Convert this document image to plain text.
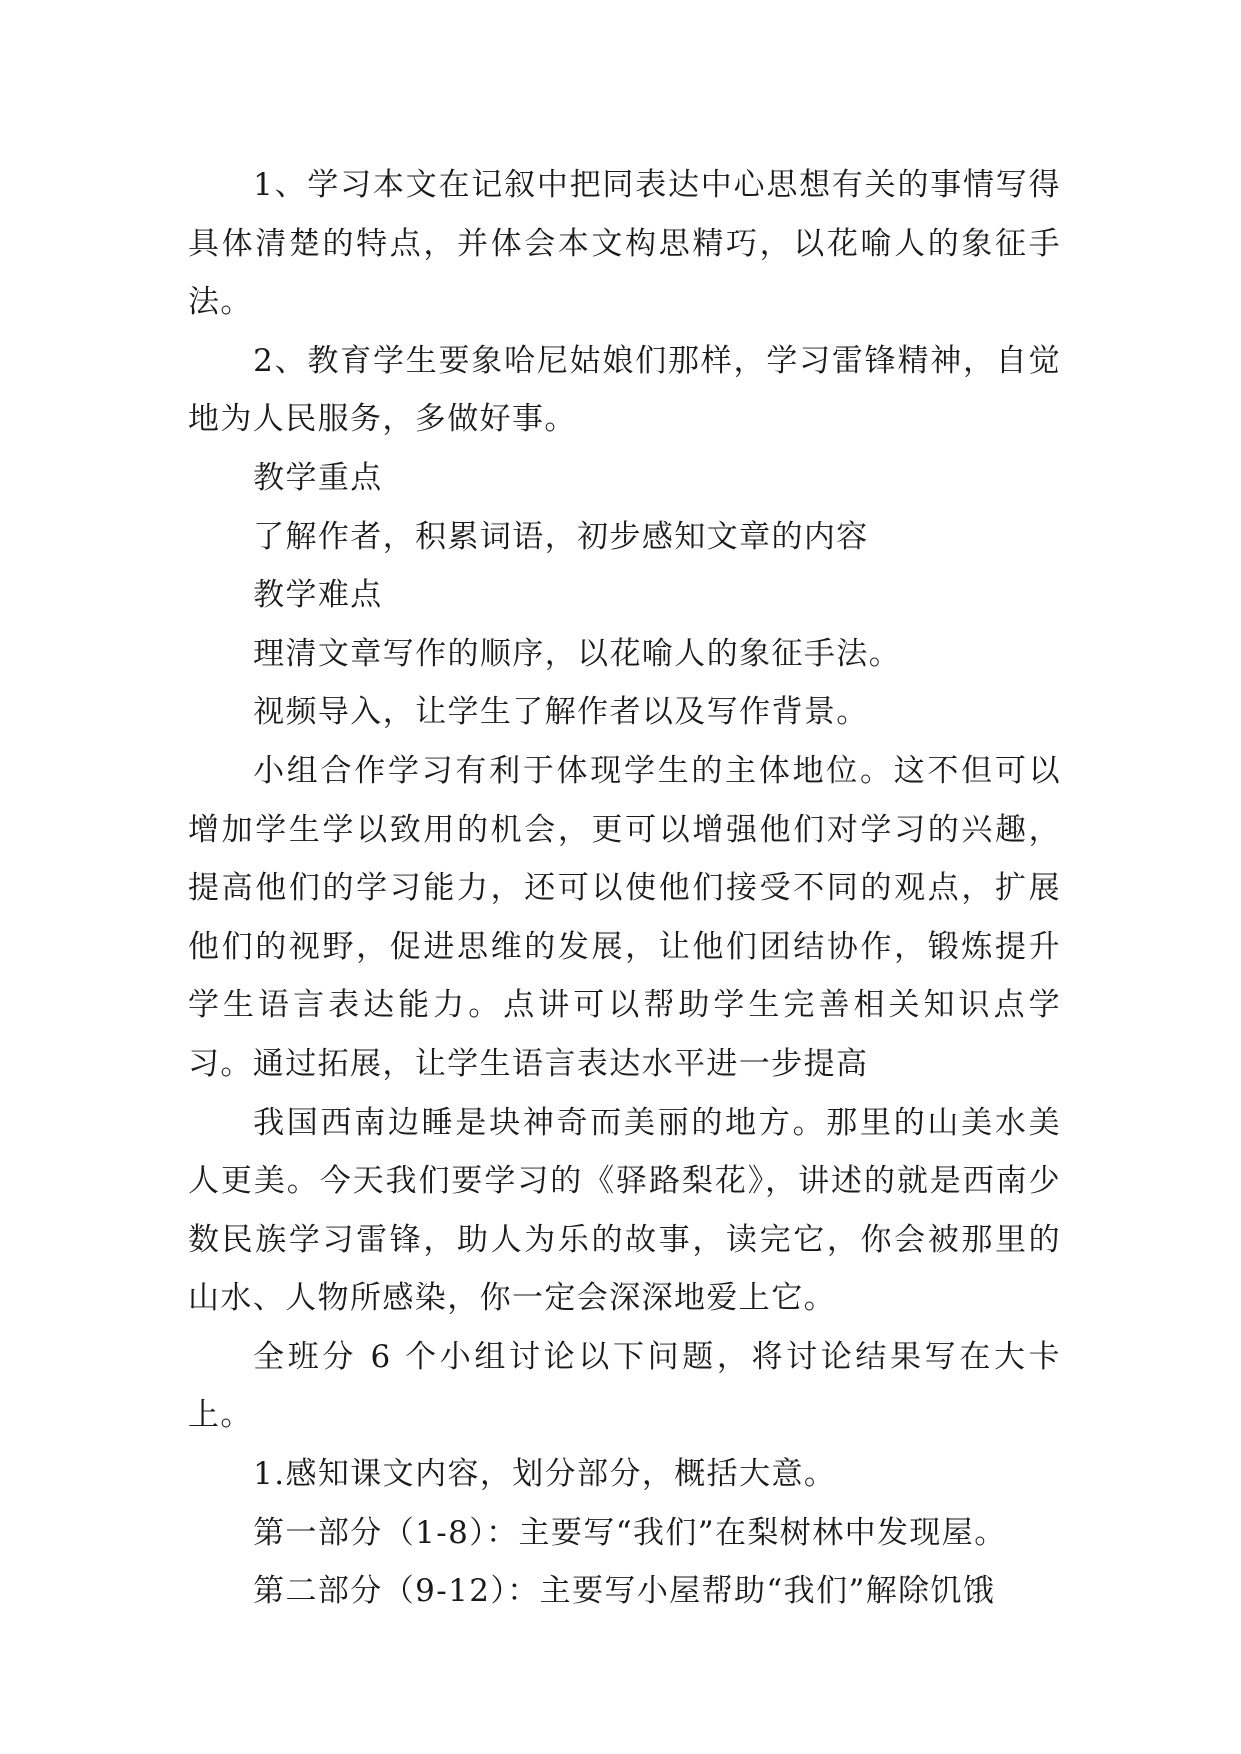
1、学习本文在记叙中把同表达中心思想有关的事情写得具体清楚的特点，并体会本文构思精巧，以花喻人的象征手法。

2、教育学生要象哈尼姑娘们那样，学习雷锋精神，自觉地为人民服务，多做好事。

教学重点

了解作者，积累词语，初步感知文章的内容

教学难点

理清文章写作的顺序，以花喻人的象征手法。

视频导入，让学生了解作者以及写作背景。

小组合作学习有利于体现学生的主体地位。这不但可以增加学生学以致用的机会，更可以增强他们对学习的兴趣，提高他们的学习能力，还可以使他们接受不同的观点，扩展他们的视野，促进思维的发展，让他们团结协作，锻炼提升学生语言表达能力。点讲可以帮助学生完善相关知识点学习。通过拓展，让学生语言表达水平进一步提高

我国西南边睡是块神奇而美丽的地方。那里的山美水美人更美。今天我们要学习的《驿路梨花》，讲述的就是西南少数民族学习雷锋，助人为乐的故事，读完它，你会被那里的山水、人物所感染，你一定会深深地爱上它。

全班分 6 个小组讨论以下问题，将讨论结果写在大卡上。

1.感知课文内容，划分部分，概括大意。

第一部分（1-8）：主要写“我们”在梨树林中发现屋。

第二部分（9-12）：主要写小屋帮助“我们”解除饥饿
